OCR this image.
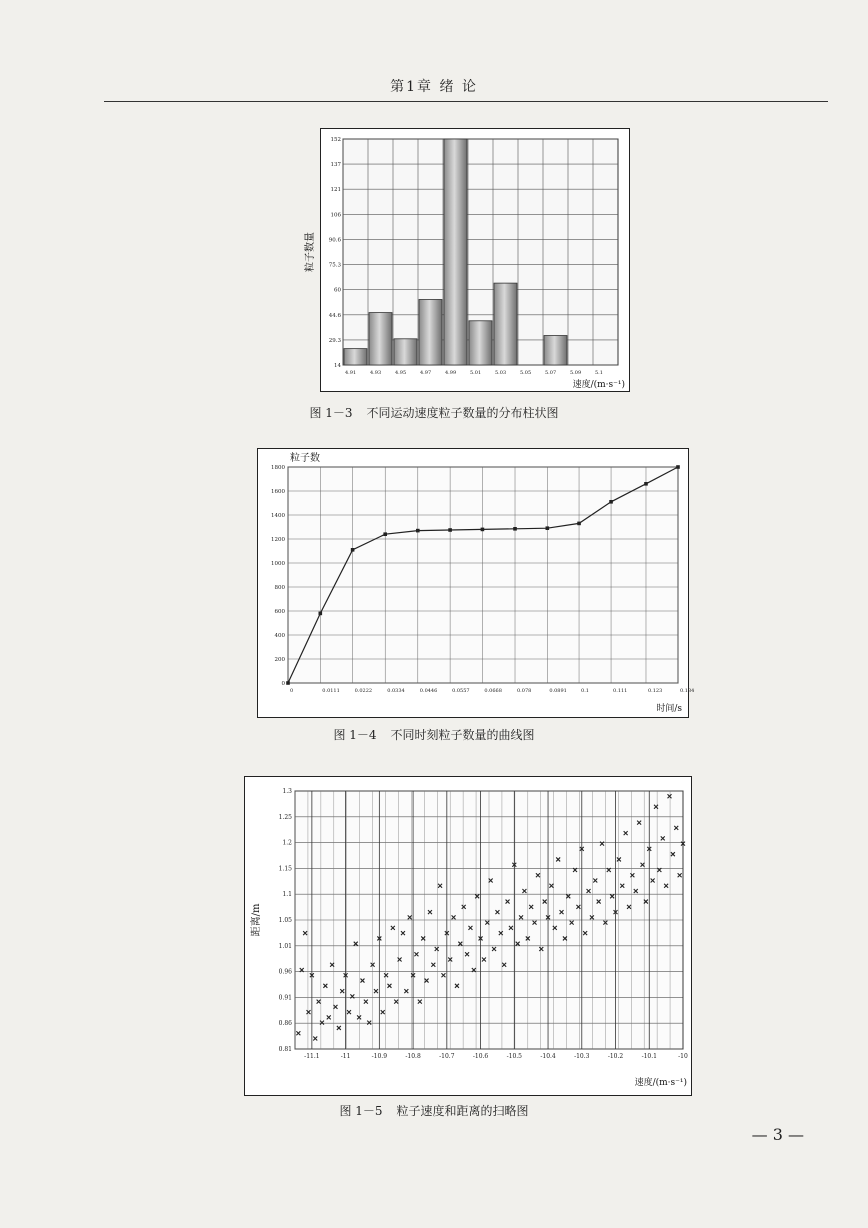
第1章 绪 论
14
29.3
44.6
60
75.3
90.6
106
121
137
152
4.91	4.93	4.95	4.97	4.99	5.01	5.03	5.05	5.07	5.09	5.1
粒子数量
速度/(m·s⁻¹)
图 1－3 不同运动速度粒子数量的分布柱状图
0
200
400
600
800
1000
1200
1400
1600
1800
0	0.0111	0.0222	0.0334	0.0446	0.0557	0.0668	0.078	0.0891	0.1	0.111	0.123	0.134
粒子数
时间/s
图 1－4 不同时刻粒子数量的曲线图
0.81
0.86
0.91
0.96
1.01
1.05
1.1
1.15
1.2
1.25
1.3
-11.1	-11	-10.9	-10.8	-10.7	-10.6	-10.5	-10.4	-10.3	-10.2	-10.1	-10
距离/m
速度/(m·s⁻¹)
图 1－5 粒子速度和距离的扫略图
— 3 —
